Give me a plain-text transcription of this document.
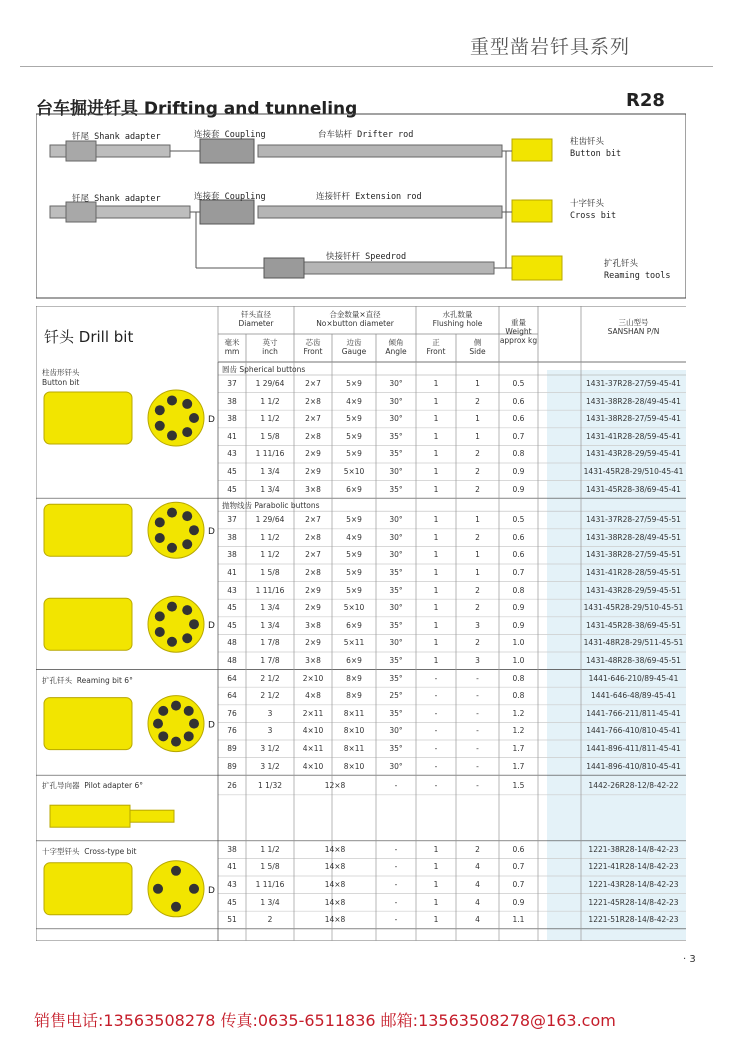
重型凿岩钎具系列
台车掘进钎具 Drifting and tunneling	R28
钎尾 Shank adapter	连接套 Coupling	台车钻杆 Drifter rod
柱齿钎头
Button bit
钎尾 Shank adapter	连接套 Coupling	连接钎杆 Extension rod
十字钎头
Cross bit
快接钎杆 Speedrod
扩孔钎头
Reaming tools
D
D
D
D
D
钎头 Drill bit
钎头直径
Diameter
毫米
mm
英寸
inch
合金数量×直径
No×button diameter
芯齿
Front
边齿
Gauge
倾角
Angle
水孔数量
Flushing hole
正
Front
侧
Side
重量
Weight
approx kg
三山型号
SANSHAN P/N
柱齿形钎头
Button bit
圆齿 Spherical buttons
37	1 29/64	2×7	5×9	30°	1	1	0.5	1431-37R28-27/59-45-41
38	1 1/2	2×8	4×9	30°	1	2	0.6	1431-38R28-28/49-45-41
38	1 1/2	2×7	5×9	30°	1	1	0.6	1431-38R28-27/59-45-41
41	1 5/8	2×8	5×9	35°	1	1	0.7	1431-41R28-28/59-45-41
43	1 11/16	2×9	5×9	35°	1	2	0.8	1431-43R28-29/59-45-41
45	1 3/4	2×9	5×10	30°	1	2	0.9	1431-45R28-29/510-45-41
45	1 3/4	3×8	6×9	35°	1	2	0.9	1431-45R28-38/69-45-41
抛物线齿 Parabolic buttons
37	1 29/64	2×7	5×9	30°	1	1	0.5	1431-37R28-27/59-45-51
38	1 1/2	2×8	4×9	30°	1	2	0.6	1431-38R28-28/49-45-51
38	1 1/2	2×7	5×9	30°	1	1	0.6	1431-38R28-27/59-45-51
41	1 5/8	2×8	5×9	35°	1	1	0.7	1431-41R28-28/59-45-51
43	1 11/16	2×9	5×9	35°	1	2	0.8	1431-43R28-29/59-45-51
45	1 3/4	2×9	5×10	30°	1	2	0.9	1431-45R28-29/510-45-51
45	1 3/4	3×8	6×9	35°	1	3	0.9	1431-45R28-38/69-45-51
48	1 7/8	2×9	5×11	30°	1	2	1.0	1431-48R28-29/511-45-51
48	1 7/8	3×8	6×9	35°	1	3	1.0	1431-48R28-38/69-45-51
扩孔钎头  Reaming bit 6°	64	2 1/2	2×10	8×9	35°	-	-	0.8	1441-646-210/89-45-41
64	2 1/2	4×8	8×9	25°	-	-	0.8	1441-646-48/89-45-41
76	3	2×11	8×11	35°	-	-	1.2	1441-766-211/811-45-41
76	3	4×10	8×10	30°	-	-	1.2	1441-766-410/810-45-41
89	3 1/2	4×11	8×11	35°	-	-	1.7	1441-896-411/811-45-41
89	3 1/2	4×10	8×10	30°	-	-	1.7	1441-896-410/810-45-41
扩孔导向器  Pilot adapter 6°	26	1 1/32	12×8	-	-	-	1.5	1442-26R28-12/8-42-22
十字型钎头  Cross-type bit	38	1 1/2	14×8	-	1	2	0.6	1221-38R28-14/8-42-23
41	1 5/8	14×8	-	1	4	0.7	1221-41R28-14/8-42-23
43	1 11/16	14×8	-	1	4	0.7	1221-43R28-14/8-42-23
45	1 3/4	14×8	-	1	4	0.9	1221-45R28-14/8-42-23
51	2	14×8	-	1	4	1.1	1221-51R28-14/8-42-23
· 3
销售电话:13563508278 传真:0635-6511836 邮箱:13563508278@163.com
